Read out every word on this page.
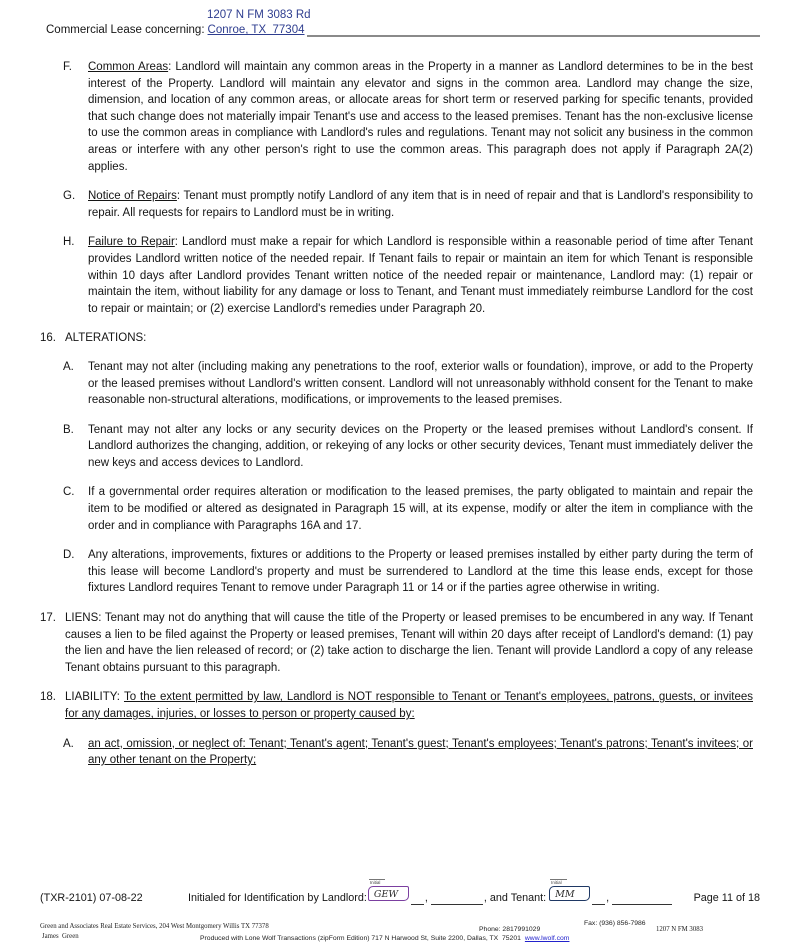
1207 N FM 3083 Rd
Commercial Lease concerning: Conroe, TX  77304
F.	Common Areas: Landlord will maintain any common areas in the Property in a manner as Landlord determines to be in the best interest of the Property. Landlord will maintain any elevator and signs in the common area. Landlord may change the size, dimension, and location of any common areas, or allocate areas for short term or reserved parking for specific tenants, provided that such change does not materially impair Tenant's use and access to the leased premises. Tenant has the non-exclusive license to use the common areas in compliance with Landlord's rules and regulations. Tenant may not solicit any business in the common areas or interfere with any other person's right to use the common areas. This paragraph does not apply if Paragraph 2A(2) applies.

G.	Notice of Repairs: Tenant must promptly notify Landlord of any item that is in need of repair and that is Landlord's responsibility to repair. All requests for repairs to Landlord must be in writing.

H.	Failure to Repair: Landlord must make a repair for which Landlord is responsible within a reasonable period of time after Tenant provides Landlord written notice of the needed repair. If Tenant fails to repair or maintain an item for which Tenant is responsible within 10 days after Landlord provides Tenant written notice of the needed repair or maintenance, Landlord may: (1) repair or maintain the item, without liability for any damage or loss to Tenant, and Tenant must immediately reimburse Landlord for the cost to repair or maintain; or (2) exercise Landlord's remedies under Paragraph 20.

16. ALTERATIONS:

A.	Tenant may not alter (including making any penetrations to the roof, exterior walls or foundation), improve, or add to the Property or the leased premises without Landlord's written consent. Landlord will not unreasonably withhold consent for the Tenant to make reasonable non-structural alterations, modifications, or improvements to the leased premises.

B.	Tenant may not alter any locks or any security devices on the Property or the leased premises without Landlord's consent. If Landlord authorizes the changing, addition, or rekeying of any locks or other security devices, Tenant must immediately deliver the new keys and access devices to Landlord.

C.	If a governmental order requires alteration or modification to the leased premises, the party obligated to maintain and repair the item to be modified or altered as designated in Paragraph 15 will, at its expense, modify or alter the item in compliance with the order and in compliance with Paragraphs 16A and 17.

D.	Any alterations, improvements, fixtures or additions to the Property or leased premises installed by either party during the term of this lease will become Landlord's property and must be surrendered to Landlord at the time this lease ends, except for those fixtures Landlord requires Tenant to remove under Paragraph 11 or 14 or if the parties agree otherwise in writing.

17. LIENS: Tenant may not do anything that will cause the title of the Property or leased premises to be encumbered in any way. If Tenant causes a lien to be filed against the Property or leased premises, Tenant will within 20 days after receipt of Landlord's demand: (1) pay the lien and have the lien released of record; or (2) take action to discharge the lien. Tenant will provide Landlord a copy of any release Tenant obtains pursuant to this paragraph.

18. LIABILITY: To the extent permitted by law, Landlord is NOT responsible to Tenant or Tenant's employees, patrons, guests, or invitees for any damages, injuries, or losses to person or property caused by:

A.	an act, omission, or neglect of: Tenant; Tenant's agent; Tenant's guest; Tenant's employees; Tenant's patrons; Tenant's invitees; or any other tenant on the Property;

(TXR-2101) 07-08-22	Initialed for Identification by Landlord:
Initial
GEW	,	, and Tenant:
Initial
MM	,	Page 11 of 18
Green and Associates Real Estate Services, 204 West Montgomery Willis TX 77378	Phone: 2817991029
Fax: (936) 856-7986
1207 N FM 3083
James  Green	Produced with Lone Wolf Transactions (zipForm Edition) 717 N Harwood St, Suite 2200, Dallas, TX  75201 www.lwolf.com
